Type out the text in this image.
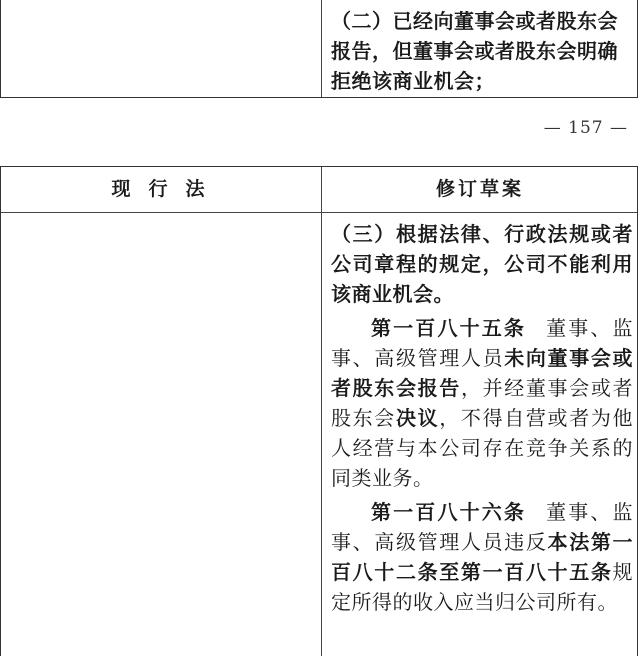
（二）已经向董事会或者股东会报告，但董事会或者股东会明确拒绝该商业机会；
— 157 —
现行法	修订草案

（三）根据法律、行政法规或者公司章程的规定，公司不能利用该商业机会。

第一百八十五条 董事、监事、高级管理人员未向董事会或者股东会报告，并经董事会或者股东会决议，不得自营或者为他人经营与本公司存在竞争关系的同类业务。

第一百八十六条 董事、监事、高级管理人员违反本法第一百八十二条至第一百八十五条规定所得的收入应当归公司所有。
